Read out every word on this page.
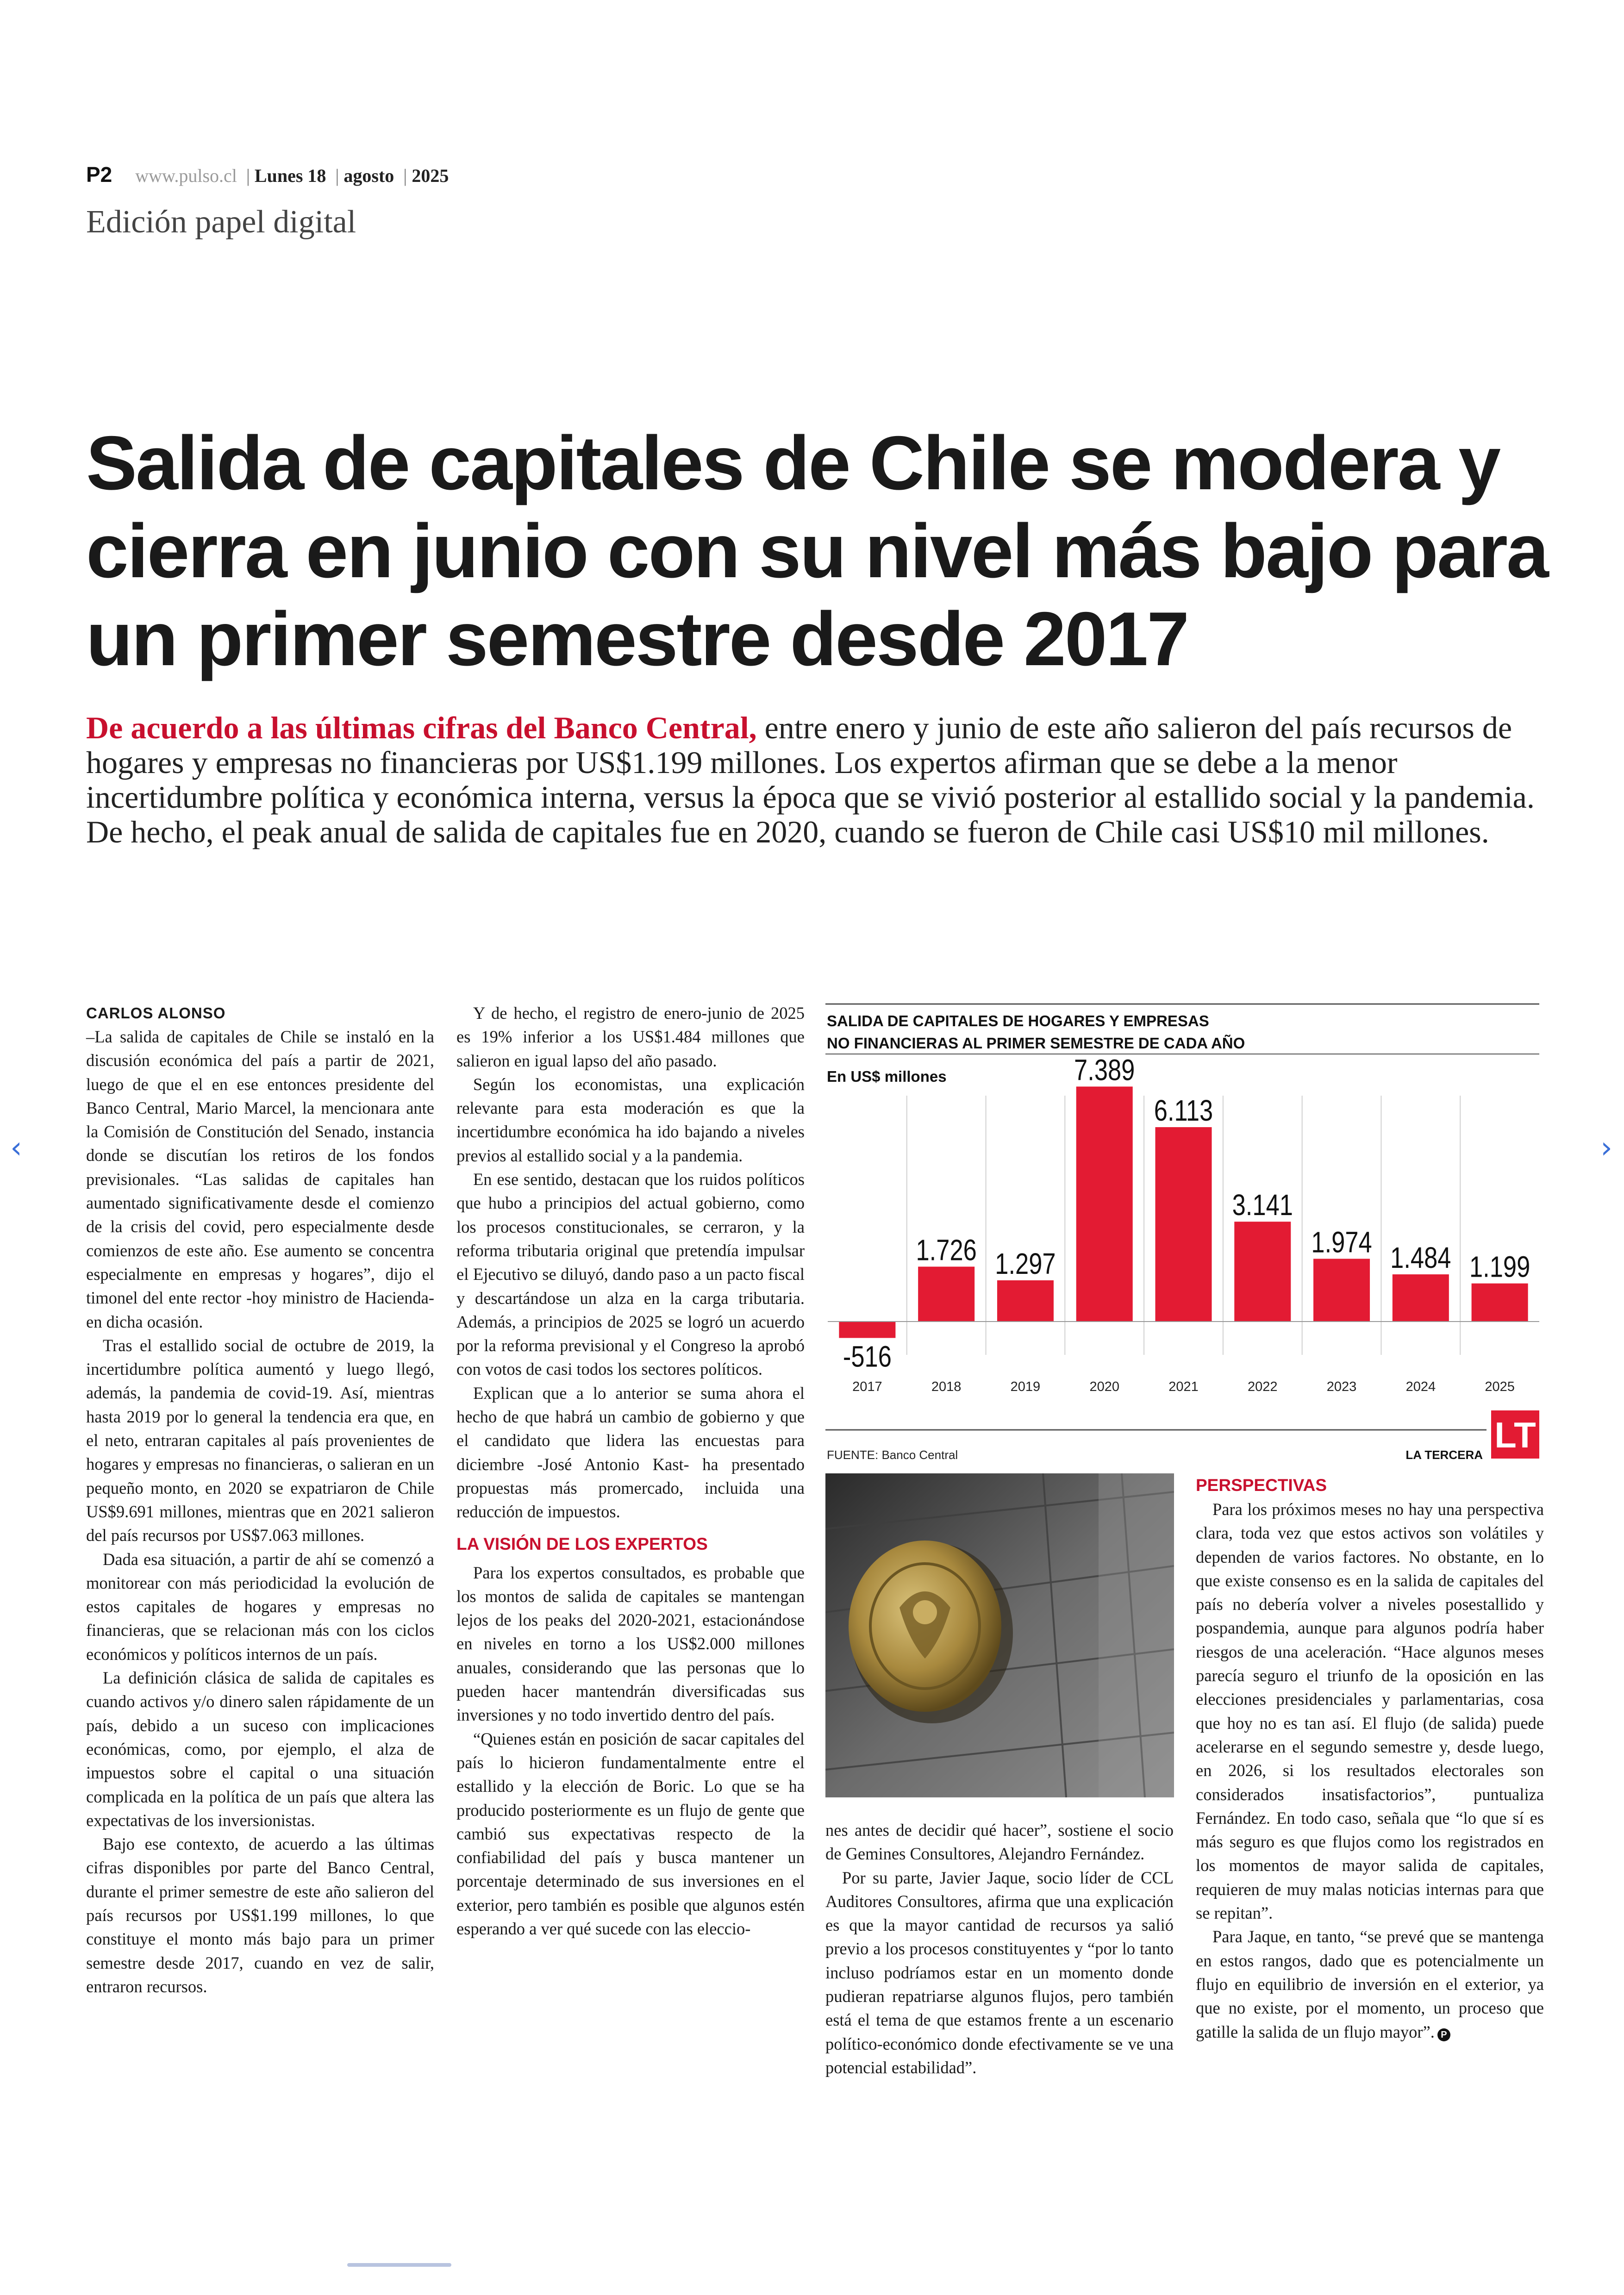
‹	›
P2 www.pulso.cl | Lunes 18 | agosto | 2025
Edición papel digital
Salida de capitales de Chile se modera y cierra en junio con su nivel más bajo para un primer semestre desde 2017

De acuerdo a las últimas cifras del Banco Central, entre enero y junio de este año salieron del país recursos de hogares y empresas no financieras por US$1.199 millones. Los expertos afirman que se debe a la menor incertidumbre política y económica interna, versus la época que se vivió posterior al estallido social y la pandemia. De hecho, el peak anual de salida de capitales fue en 2020, cuando se fueron de Chile casi US$10 mil millones.

CARLOS ALONSO

–La salida de capitales de Chile se instaló en la discusión económica del país a partir de 2021, luego de que el en ese entonces presidente del Banco Central, Mario Marcel, la mencionara ante la Comisión de Constitución del Senado, instancia donde se discutían los retiros de los fondos previsionales. “Las salidas de capitales han aumentado significativamente desde el comienzo de la crisis del covid, pero especialmente desde comienzos de este año. Ese aumento se concentra especialmente en empresas y hogares”, dijo el timonel del ente rector -hoy ministro de Hacienda- en dicha ocasión.

Tras el estallido social de octubre de 2019, la incertidumbre política aumentó y luego llegó, además, la pandemia de covid-19. Así, mientras hasta 2019 por lo general la tendencia era que, en el neto, entraran capitales al país provenientes de hogares y empresas no financieras, o salieran en un pequeño monto, en 2020 se expatriaron de Chile US$9.691 millones, mientras que en 2021 salieron del país recursos por US$7.063 millones.

Dada esa situación, a partir de ahí se comenzó a monitorear con más periodicidad la evolución de estos capitales de hogares y empresas no financieras, que se relacionan más con los ciclos económicos y políticos internos de un país.

La definición clásica de salida de capitales es cuando activos y/o dinero salen rápidamente de un país, debido a un suceso con implicaciones económicas, como, por ejemplo, el alza de impuestos sobre el capital o una situación complicada en la política de un país que altera las expectativas de los inversionistas.

Bajo ese contexto, de acuerdo a las últimas cifras disponibles por parte del Banco Central, durante el primer semestre de este año salieron del país recursos por US$1.199 millones, lo que constituye el monto más bajo para un primer semestre desde 2017, cuando en vez de salir, entraron recursos.

Y de hecho, el registro de enero-junio de 2025 es 19% inferior a los US$1.484 millones que salieron en igual lapso del año pasado.

Según los economistas, una explicación relevante para esta moderación es que la incertidumbre económica ha ido bajando a niveles previos al estallido social y a la pandemia.

En ese sentido, destacan que los ruidos políticos que hubo a principios del actual gobierno, como los procesos constitucionales, se cerraron, y la reforma tributaria original que pretendía impulsar el Ejecutivo se diluyó, dando paso a un pacto fiscal y descartándose un alza en la carga tributaria. Además, a principios de 2025 se logró un acuerdo por la reforma previsional y el Congreso la aprobó con votos de casi todos los sectores políticos.

Explican que a lo anterior se suma ahora el hecho de que habrá un cambio de gobierno y que el candidato que lidera las encuestas para diciembre -José Antonio Kast- ha presentado propuestas más promercado, incluida una reducción de impuestos.

LA VISIÓN DE LOS EXPERTOS

Para los expertos consultados, es probable que los montos de salida de capitales se mantengan lejos de los peaks del 2020-2021, estacionándose en niveles en torno a los US$2.000 millones anuales, considerando que las personas que lo pueden hacer mantendrán diversificadas sus inversiones y no todo invertido dentro del país.

“Quienes están en posición de sacar capitales del país lo hicieron fundamentalmente entre el estallido y la elección de Boric. Lo que se ha producido posteriormente es un flujo de gente que cambió sus expectativas respecto de la confiabilidad del país y busca mantener un porcentaje determinado de sus inversiones en el exterior, pero también es posible que algunos estén esperando a ver qué sucede con las eleccio-

SALIDA DE CAPITALES DE HOGARES Y EMPRESAS
NO FINANCIERAS AL PRIMER SEMESTRE DE CADA AÑO
En US$ millones
-516
2017
1.726
2018
1.297
2019
7.389
2020
6.113
2021
3.141
2022
1.974
2023
1.484
2024
1.199
2025
FUENTE: Banco Central	LA TERCERA LT

nes antes de decidir qué hacer”, sostiene el socio de Gemines Consultores, Alejandro Fernández.

Por su parte, Javier Jaque, socio líder de CCL Auditores Consultores, afirma que una explicación es que la mayor cantidad de recursos ya salió previo a los procesos constituyentes y “por lo tanto incluso podríamos estar en un momento donde pudieran repatriarse algunos flujos, pero también está el tema de que estamos frente a un escenario político-económico donde efectivamente se ve una potencial estabilidad”.

PERSPECTIVAS

Para los próximos meses no hay una perspectiva clara, toda vez que estos activos son volátiles y dependen de varios factores. No obstante, en lo que existe consenso es en la salida de capitales del país no debería volver a niveles posestallido y pospandemia, aunque para algunos podría haber riesgos de una aceleración. “Hace algunos meses parecía seguro el triunfo de la oposición en las elecciones presidenciales y parlamentarias, cosa que hoy no es tan así. El flujo (de salida) puede acelerarse en el segundo semestre y, desde luego, en 2026, si los resultados electorales son considerados insatisfactorios”, puntualiza Fernández. En todo caso, señala que “lo que sí es más seguro es que flujos como los registrados en los momentos de mayor salida de capitales, requieren de muy malas noticias internas para que se repitan”.

Para Jaque, en tanto, “se prevé que se mantenga en estos rangos, dado que es potencialmente un flujo en equilibrio de inversión en el exterior, ya que no existe, por el momento, un proceso que gatille la salida de un flujo mayor”. P
